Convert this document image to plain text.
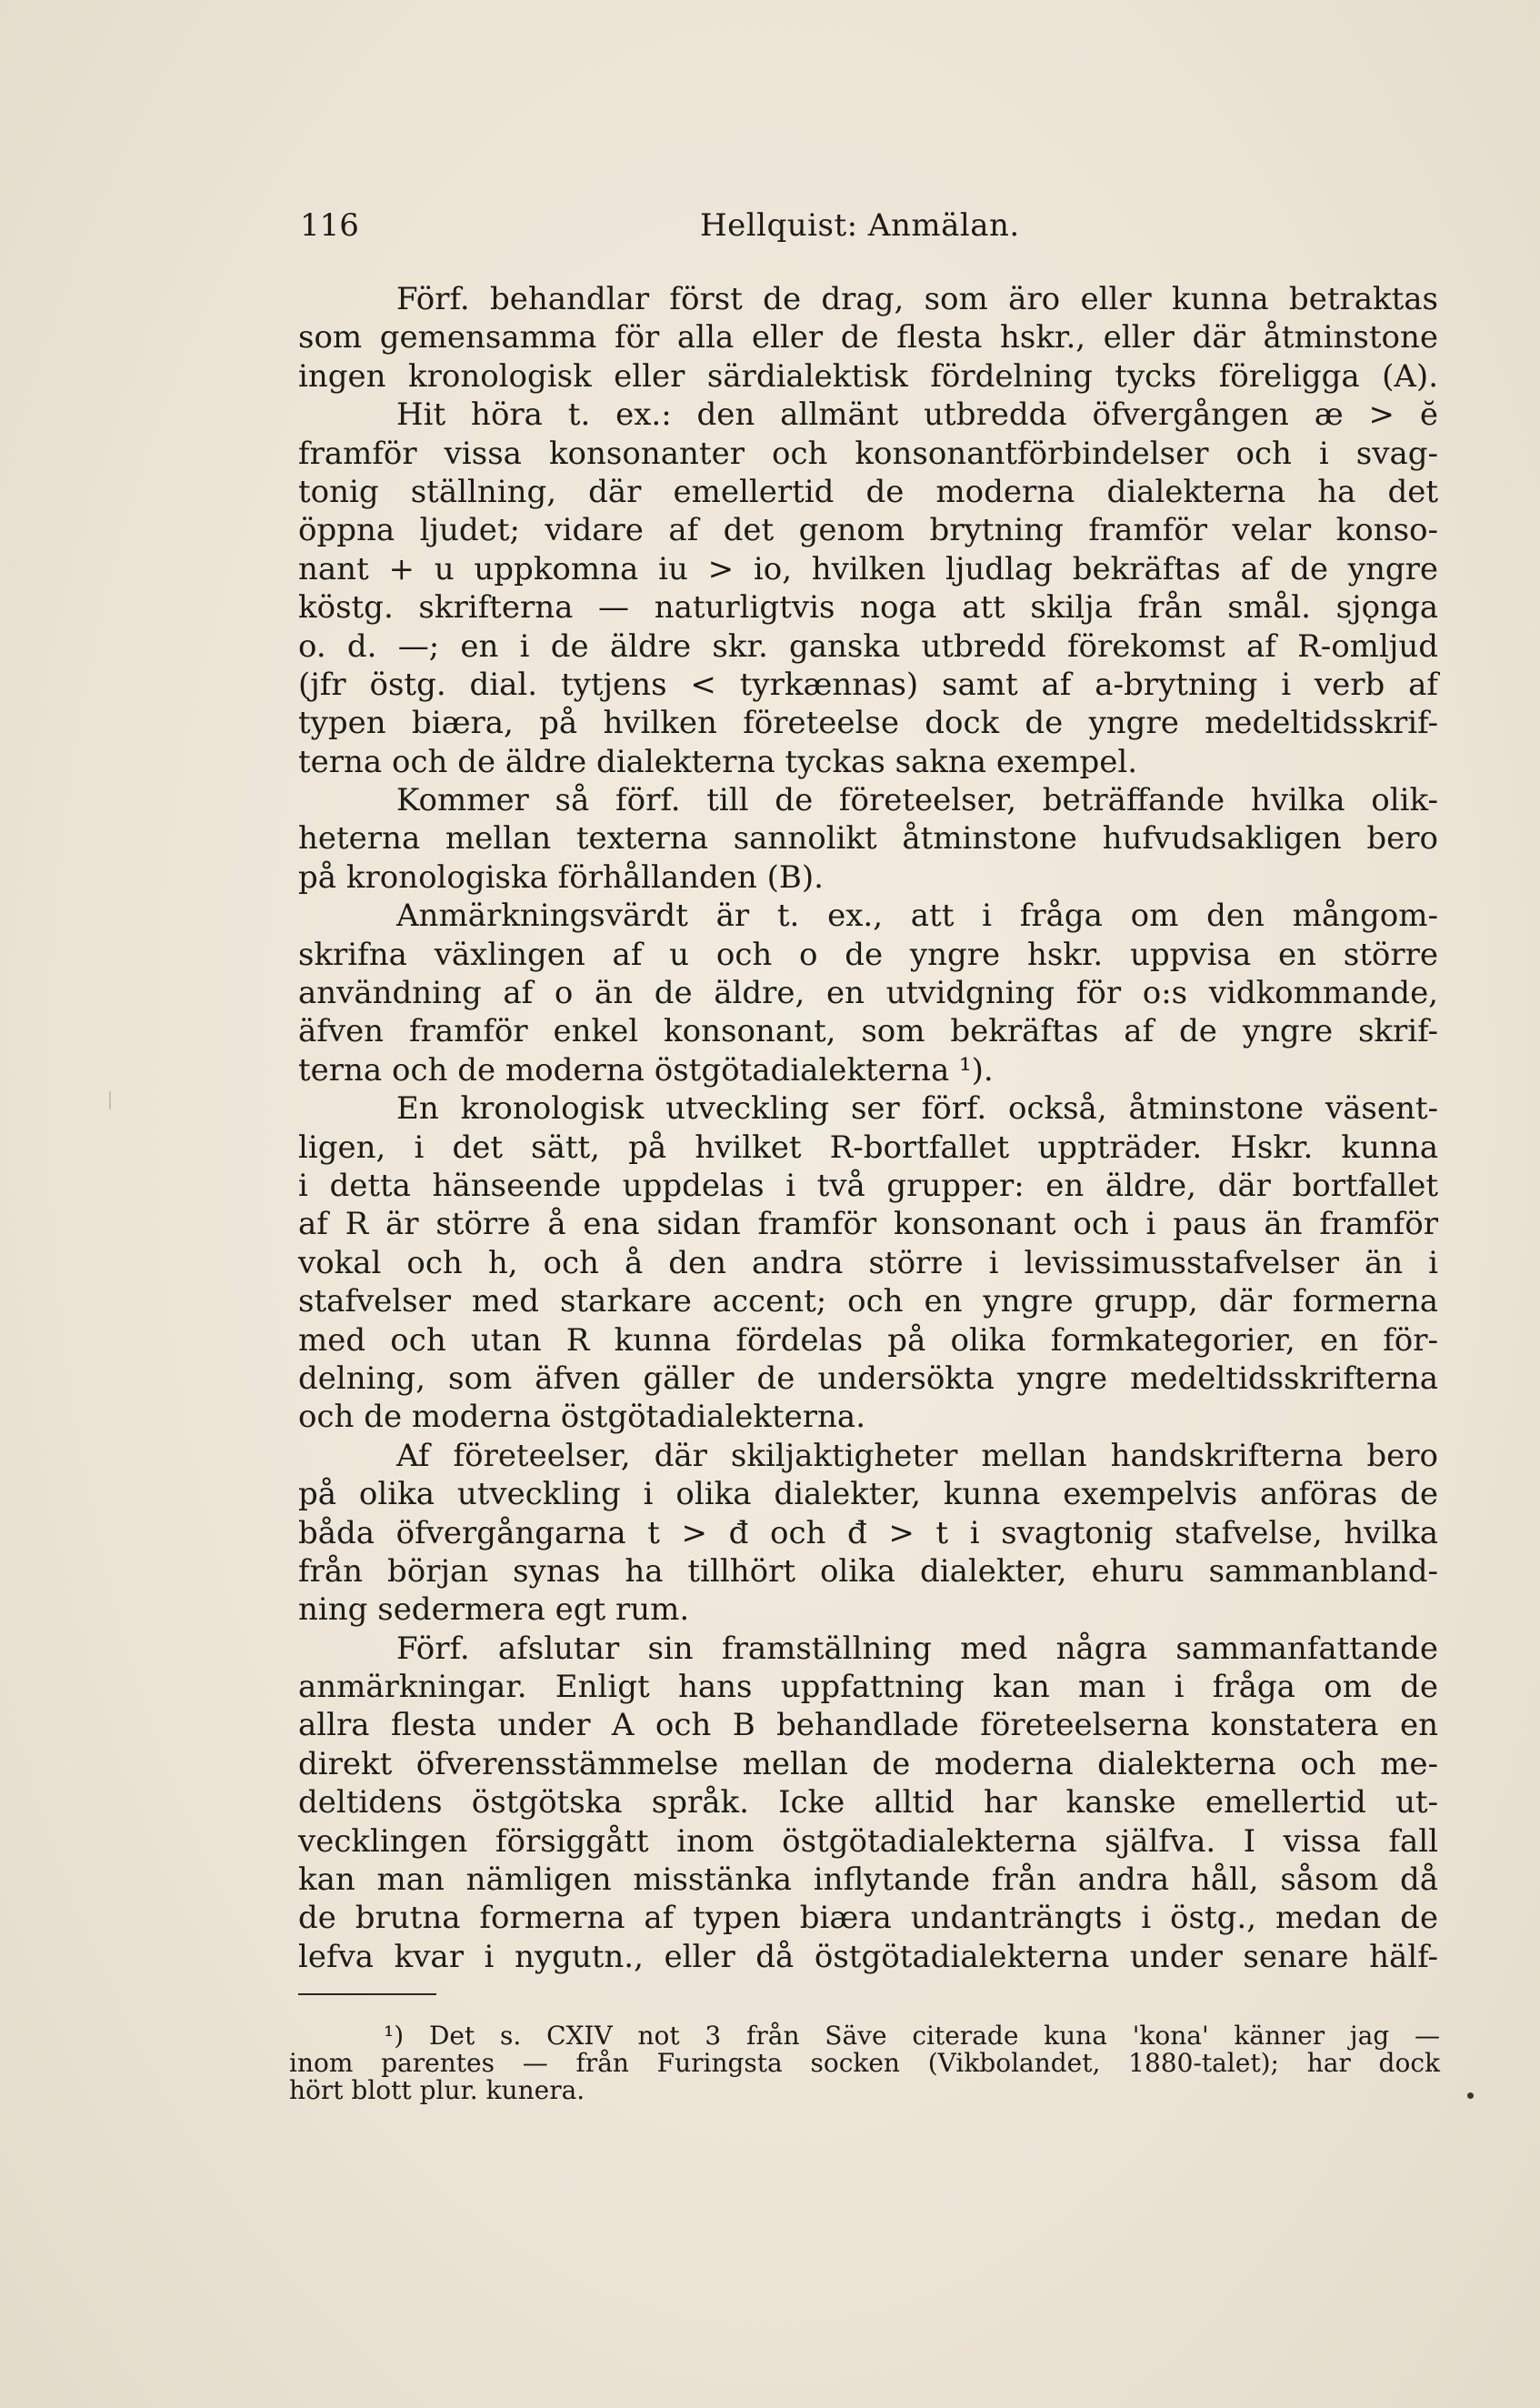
116	Hellquist: Anmälan.
Förf. behandlar först de drag, som äro eller kunna betraktas
som gemensamma för alla eller de flesta hskr., eller där åtminstone
ingen kronologisk eller särdialektisk fördelning tycks föreligga (A).
Hit höra t. ex.: den allmänt utbredda öfvergången æ > ĕ
framför vissa konsonanter och konsonantförbindelser och i svag-
tonig ställning, där emellertid de moderna dialekterna ha det
öppna ljudet; vidare af det genom brytning framför velar konso-
nant + u uppkomna iu > io, hvilken ljudlag bekräftas af de yngre
köstg. skrifterna — naturligtvis noga att skilja från smål. sjǫnga
o. d. —; en i de äldre skr. ganska utbredd förekomst af R-omljud
(jfr östg. dial. tytjens < tyrkænnas) samt af a-brytning i verb af
typen biæra, på hvilken företeelse dock de yngre medeltidsskrif-
terna och de äldre dialekterna tyckas sakna exempel.
Kommer så förf. till de företeelser, beträffande hvilka olik-
heterna mellan texterna sannolikt åtminstone hufvudsakligen bero
på kronologiska förhållanden (B).
Anmärkningsvärdt är t. ex., att i fråga om den mångom-
skrifna växlingen af u och o de yngre hskr. uppvisa en större
användning af o än de äldre, en utvidgning för o:s vidkommande,
äfven framför enkel konsonant, som bekräftas af de yngre skrif-
terna och de moderna östgötadialekterna ¹).
En kronologisk utveckling ser förf. också, åtminstone väsent-
ligen, i det sätt, på hvilket R-bortfallet uppträder. Hskr. kunna
i detta hänseende uppdelas i två grupper: en äldre, där bortfallet
af R är större å ena sidan framför konsonant och i paus än framför
vokal och h, och å den andra större i levissimusstafvelser än i
stafvelser med starkare accent; och en yngre grupp, där formerna
med och utan R kunna fördelas på olika formkategorier, en för-
delning, som äfven gäller de undersökta yngre medeltidsskrifterna
och de moderna östgötadialekterna.
Af företeelser, där skiljaktigheter mellan handskrifterna bero
på olika utveckling i olika dialekter, kunna exempelvis anföras de
båda öfvergångarna t > đ och đ > t i svagtonig stafvelse, hvilka
från början synas ha tillhört olika dialekter, ehuru sammanbland-
ning sedermera egt rum.
Förf. afslutar sin framställning med några sammanfattande
anmärkningar. Enligt hans uppfattning kan man i fråga om de
allra flesta under A och B behandlade företeelserna konstatera en
direkt öfverensstämmelse mellan de moderna dialekterna och me-
deltidens östgötska språk. Icke alltid har kanske emellertid ut-
vecklingen försiggått inom östgötadialekterna själfva. I vissa fall
kan man nämligen misstänka inflytande från andra håll, såsom då
de brutna formerna af typen biæra undanträngts i östg., medan de
lefva kvar i nygutn., eller då östgötadialekterna under senare hälf-
¹) Det s. CXIV not 3 från Säve citerade kuna 'kona' känner jag —
inom parentes — från Furingsta socken (Vikbolandet, 1880-talet); har dock
hört blott plur. kunera.
